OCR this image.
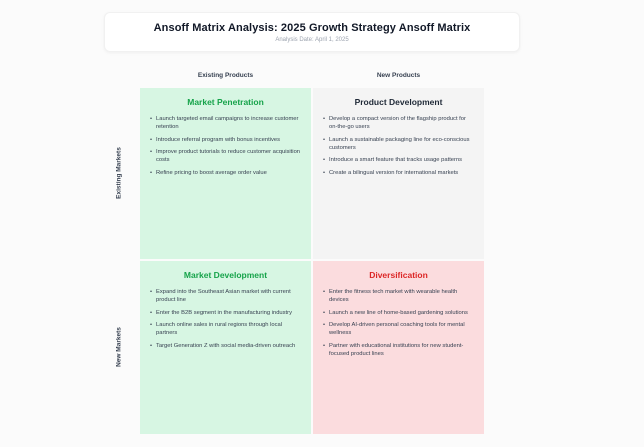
Ansoff Matrix Analysis: 2025 Growth Strategy Ansoff Matrix
Analysis Date: April 1, 2025
Existing Products	New Products
Existing Markets
New Markets
Market Penetration
• Launch targeted email campaigns to increase customer retention
• Introduce referral program with bonus incentives
• Improve product tutorials to reduce customer acquisition costs
• Refine pricing to boost average order value
Product Development
• Develop a compact version of the flagship product for on-the-go users
• Launch a sustainable packaging line for eco-conscious customers
• Introduce a smart feature that tracks usage patterns
• Create a bilingual version for international markets
Market Development
• Expand into the Southeast Asian market with current product line
• Enter the B2B segment in the manufacturing industry
• Launch online sales in rural regions through local partners
• Target Generation Z with social media-driven outreach
Diversification
• Enter the fitness tech market with wearable health devices
• Launch a new line of home-based gardening solutions
• Develop AI-driven personal coaching tools for mental wellness
• Partner with educational institutions for new student-focused product lines
